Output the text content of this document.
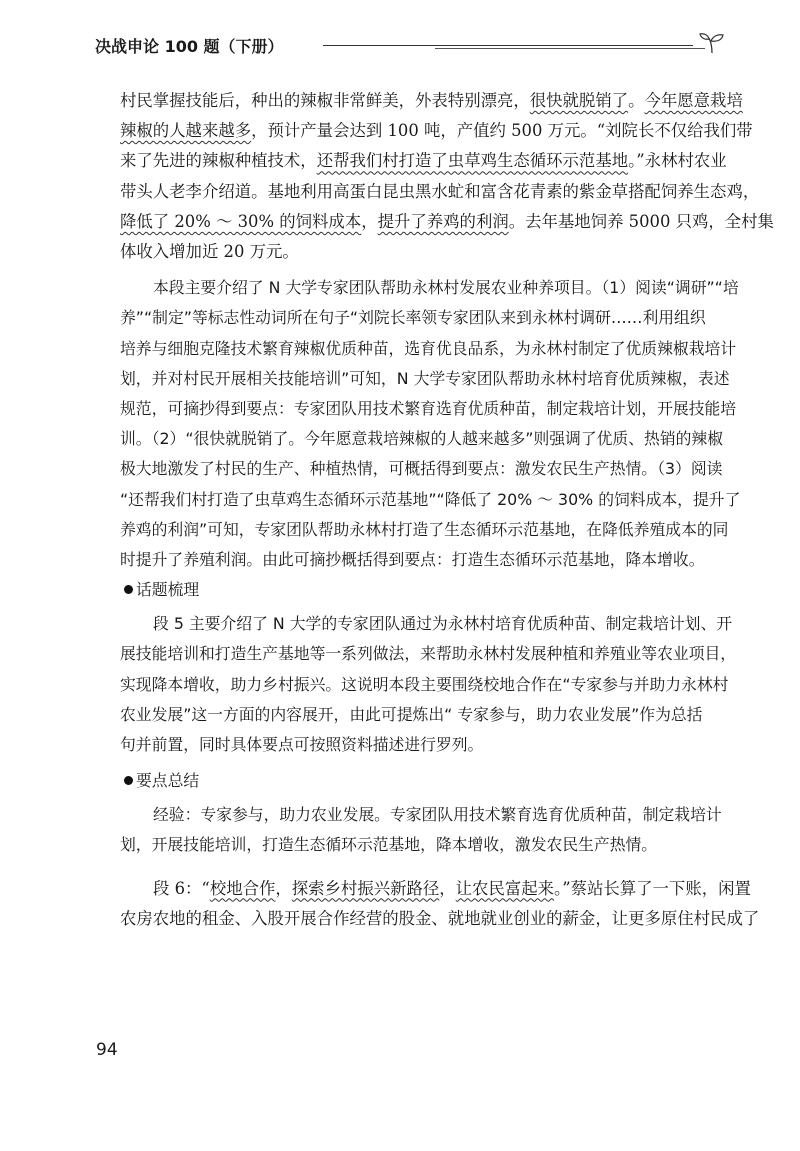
决战申论 100 题（下册）

村民掌握技能后，种出的辣椒非常鲜美，外表特别漂亮，很快就脱销了。今年愿意栽培

辣椒的人越来越多，预计产量会达到 100 吨，产值约 500 万元。“刘院长不仅给我们带

来了先进的辣椒种植技术，还帮我们村打造了虫草鸡生态循环示范基地。”永林村农业

带头人老李介绍道。基地利用高蛋白昆虫黑水虻和富含花青素的紫金草搭配饲养生态鸡，

降低了 20% ～ 30% 的饲料成本，提升了养鸡的利润。去年基地饲养 5000 只鸡，全村集

体收入增加近 20 万元。

本段主要介绍了 N 大学专家团队帮助永林村发展农业种养项目。（1）阅读“调研”“培

养”“制定”等标志性动词所在句子“刘院长率领专家团队来到永林村调研……利用组织

培养与细胞克隆技术繁育辣椒优质种苗，选育优良品系，为永林村制定了优质辣椒栽培计

划，并对村民开展相关技能培训”可知，N 大学专家团队帮助永林村培育优质辣椒，表述

规范，可摘抄得到要点：专家团队用技术繁育选育优质种苗，制定栽培计划，开展技能培

训。（2）“很快就脱销了。今年愿意栽培辣椒的人越来越多”则强调了优质、热销的辣椒

极大地激发了村民的生产、种植热情，可概括得到要点：激发农民生产热情。（3）阅读

“还帮我们村打造了虫草鸡生态循环示范基地”“降低了 20% ～ 30% 的饲料成本，提升了

养鸡的利润”可知，专家团队帮助永林村打造了生态循环示范基地，在降低养殖成本的同

时提升了养殖利润。由此可摘抄概括得到要点：打造生态循环示范基地，降本增收。

话题梳理

段 5 主要介绍了 N 大学的专家团队通过为永林村培育优质种苗、制定栽培计划、开

展技能培训和打造生产基地等一系列做法，来帮助永林村发展种植和养殖业等农业项目，

实现降本增收，助力乡村振兴。这说明本段主要围绕校地合作在“专家参与并助力永林村

农业发展”这一方面的内容展开，由此可提炼出“ 专家参与，助力农业发展”作为总括

句并前置，同时具体要点可按照资料描述进行罗列。

要点总结

经验：专家参与，助力农业发展。专家团队用技术繁育选育优质种苗，制定栽培计

划，开展技能培训，打造生态循环示范基地，降本增收，激发农民生产热情。

段 6：“校地合作，探索乡村振兴新路径，让农民富起来。”蔡站长算了一下账，闲置

农房农地的租金、入股开展合作经营的股金、就地就业创业的薪金，让更多原住村民成了

94
